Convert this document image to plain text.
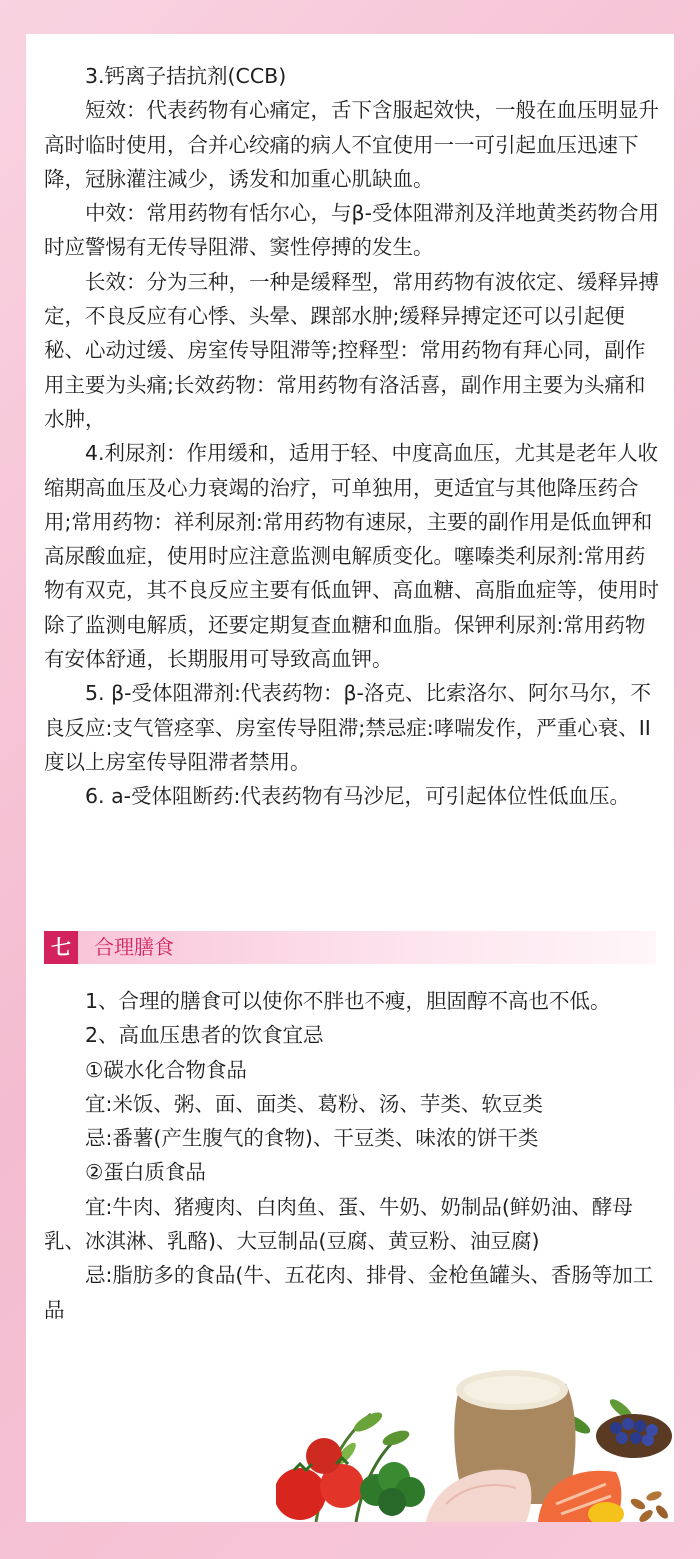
3.钙离子拮抗剂(CCB)

短效：代表药物有心痛定，舌下含服起效快，一般在血压明显升高时临时使用，合并心绞痛的病人不宜使用一一可引起血压迅速下降，冠脉灌注减少，诱发和加重心肌缺血。

中效：常用药物有恬尔心，与β-受体阻滞剂及洋地黄类药物合用时应警惕有无传导阻滞、窦性停搏的发生。

长效：分为三种，一种是缓释型，常用药物有波依定、缓释异搏定，不良反应有心悸、头晕、踝部水肿;缓释异搏定还可以引起便秘、心动过缓、房室传导阻滞等;控释型：常用药物有拜心同，副作用主要为头痛;长效药物：常用药物有洛活喜，副作用主要为头痛和水肿，

4.利尿剂：作用缓和，适用于轻、中度高血压，尤其是老年人收缩期高血压及心力衰竭的治疗，可单独用，更适宜与其他降压药合用;常用药物：祥利尿剂:常用药物有速尿，主要的副作用是低血钾和高尿酸血症，使用时应注意监测电解质变化。噻嗪类利尿剂:常用药物有双克，其不良反应主要有低血钾、高血糖、高脂血症等，使用时除了监测电解质，还要定期复查血糖和血脂。保钾利尿剂:常用药物有安体舒通，长期服用可导致高血钾。

5. β-受体阻滞剂:代表药物：β-洛克、比索洛尔、阿尔马尔，不良反应:支气管痉挛、房室传导阻滞;禁忌症:哮喘发作，严重心衰、II度以上房室传导阻滞者禁用。

6. a-受体阻断药:代表药物有马沙尼，可引起体位性低血压。

七	合理膳食

1、合理的膳食可以使你不胖也不瘦，胆固醇不高也不低。

2、高血压患者的饮食宜忌

①碳水化合物食品

宜:米饭、粥、面、面类、葛粉、汤、芋类、软豆类

忌:番薯(产生腹气的食物)、干豆类、味浓的饼干类

②蛋白质食品

宜:牛肉、猪瘦肉、白肉鱼、蛋、牛奶、奶制品(鲜奶油、酵母乳、冰淇淋、乳酪)、大豆制品(豆腐、黄豆粉、油豆腐)

忌:脂肪多的食品(牛、五花肉、排骨、金枪鱼罐头、香肠等加工品
